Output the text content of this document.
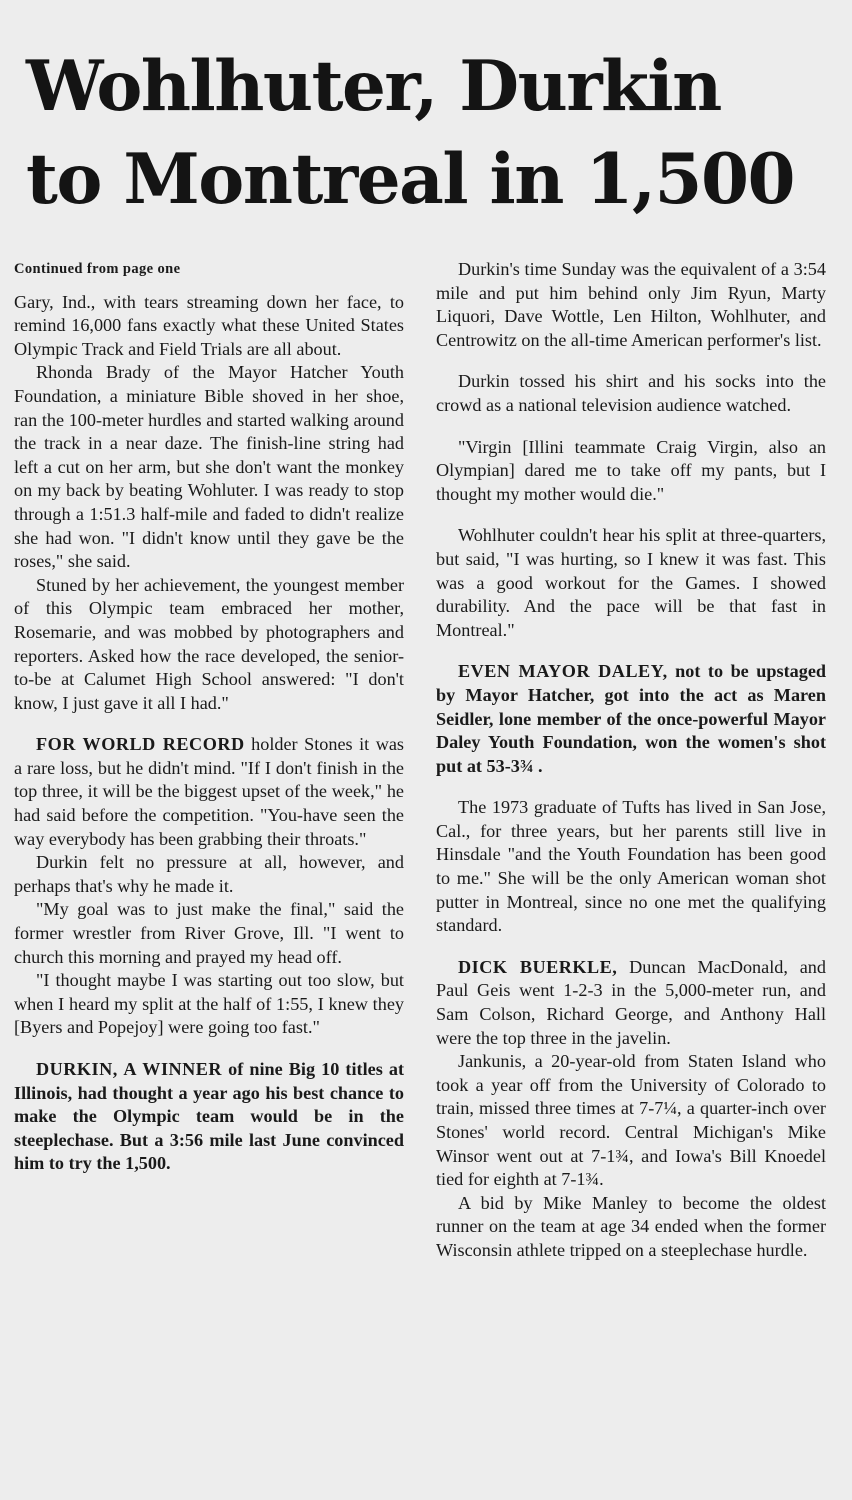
Wohlhuter, Durkin
to Montreal in 1,500

Continued from page one

Gary, Ind., with tears streaming down her face, to remind 16,000 fans exactly what these United States Olympic Track and Field Trials are all about.

Rhonda Brady of the Mayor Hatcher Youth Foundation, a miniature Bible shoved in her shoe, ran the 100-meter hurdles and started walking around the track in a near daze. The finish-line string had left a cut on her arm, but she don't want the monkey on my back by beating Wohluter. I was ready to stop through a 1:51.3 half-mile and faded to didn't realize she had won. "I didn't know until they gave be the roses," she said.

Stuned by her achievement, the youngest member of this Olympic team embraced her mother, Rosemarie, and was mobbed by photographers and reporters. Asked how the race developed, the senior-to-be at Calumet High School answered: "I don't know, I just gave it all I had."

FOR WORLD RECORD holder Stones it was a rare loss, but he didn't mind. "If I don't finish in the top three, it will be the biggest upset of the week," he had said before the competition. "You-have seen the way everybody has been grabbing their throats."

Durkin felt no pressure at all, however, and perhaps that's why he made it.

"My goal was to just make the final," said the former wrestler from River Grove, Ill. "I went to church this morning and prayed my head off.

"I thought maybe I was starting out too slow, but when I heard my split at the half of 1:55, I knew they [Byers and Popejoy] were going too fast."

DURKIN, A WINNER of nine Big 10 titles at Illinois, had thought a year ago his best chance to make the Olympic team would be in the steeplechase. But a 3:56 mile last June convinced him to try the 1,500.

Durkin's time Sunday was the equivalent of a 3:54 mile and put him behind only Jim Ryun, Marty Liquori, Dave Wottle, Len Hilton, Wohlhuter, and Centrowitz on the all-time American performer's list.

Durkin tossed his shirt and his socks into the crowd as a national television audience watched.

"Virgin [Illini teammate Craig Virgin, also an Olympian] dared me to take off my pants, but I thought my mother would die."

Wohlhuter couldn't hear his split at three-quarters, but said, "I was hurting, so I knew it was fast. This was a good workout for the Games. I showed durability. And the pace will be that fast in Montreal."

EVEN MAYOR DALEY, not to be upstaged by Mayor Hatcher, got into the act as Maren Seidler, lone member of the once-powerful Mayor Daley Youth Foundation, won the women's shot put at 53-3¾ .

The 1973 graduate of Tufts has lived in San Jose, Cal., for three years, but her parents still live in Hinsdale "and the Youth Foundation has been good to me." She will be the only American woman shot putter in Montreal, since no one met the qualifying standard.

DICK BUERKLE, Duncan MacDonald, and Paul Geis went 1-2-3 in the 5,000-meter run, and Sam Colson, Richard George, and Anthony Hall were the top three in the javelin.

Jankunis, a 20-year-old from Staten Island who took a year off from the University of Colorado to train, missed three times at 7-7¼, a quarter-inch over Stones' world record. Central Michigan's Mike Winsor went out at 7-1¾, and Iowa's Bill Knoedel tied for eighth at 7-1¾.

A bid by Mike Manley to become the oldest runner on the team at age 34 ended when the former Wisconsin athlete tripped on a steeplechase hurdle.
